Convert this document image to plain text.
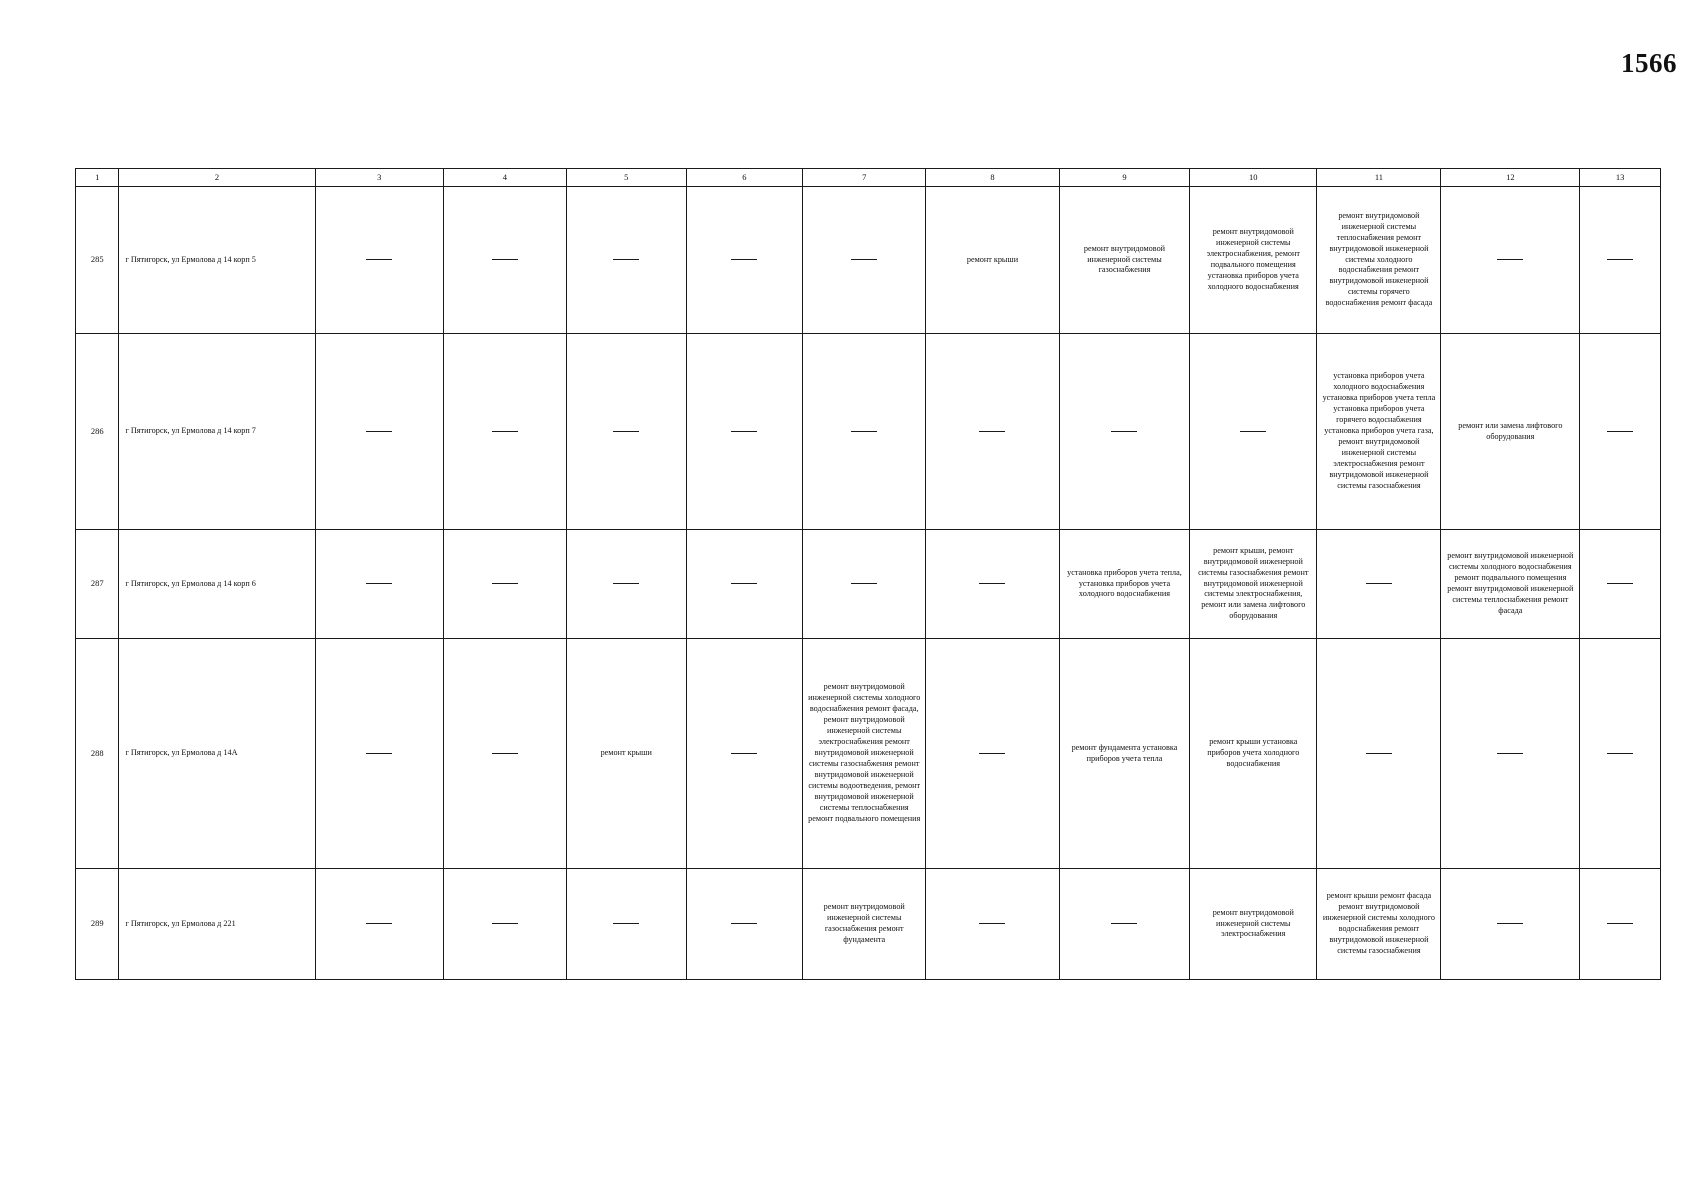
1566
1	2	3	4	5	6	7	8	9	10	11	12	13
285	г Пятигорск, ул Ермолова д 14 корп 5						ремонт крыши	ремонт внутридомовой инженерной системы газоснабжения	ремонт внутридомовой инженерной системы электроснабжения, ремонт подвального помещения установка приборов учета холодного водоснабжения	ремонт внутридомовой инженерной системы теплоснабжения ремонт внутридомовой инженерной системы холодного водоснабжения ремонт внутридомовой инженерной системы горячего водоснабжения ремонт фасада		
286	г Пятигорск, ул Ермолова д 14 корп 7									установка приборов учета холодного водоснабжения установка приборов учета тепла установка приборов учета горячего водоснабжения установка приборов учета газа, ремонт внутридомовой инженерной системы электроснабжения ремонт внутридомовой инженерной системы газоснабжения	ремонт или замена лифтового оборудования	
287	г Пятигорск, ул Ермолова д 14 корп 6							установка приборов учета тепла, установка приборов учета холодного водоснабжения	ремонт крыши, ремонт внутридомовой инженерной системы газоснабжения ремонт внутридомовой инженерной системы электроснабжения, ремонт или замена лифтового оборудования		ремонт внутридомовой инженерной системы холодного водоснабжения ремонт подвального помещения ремонт внутридомовой инженерной системы теплоснабжения ремонт фасада	
288	г Пятигорск, ул Ермолова д 14А			ремонт крыши		ремонт внутридомовой инженерной системы холодного водоснабжения ремонт фасада, ремонт внутридомовой инженерной системы электроснабжения ремонт внутридомовой инженерной системы газоснабжения ремонт внутридомовой инженерной системы водоотведения, ремонт внутридомовой инженерной системы теплоснабжения ремонт подвального помещения		ремонт фундамента установка приборов учета тепла	ремонт крыши установка приборов учета холодного водоснабжения			
289	г Пятигорск, ул Ермолова д 221					ремонт внутридомовой инженерной системы газоснабжения ремонт фундамента			ремонт внутридомовой инженерной системы электроснабжения	ремонт крыши ремонт фасада ремонт внутридомовой инженерной системы холодного водоснабжения ремонт внутридомовой инженерной системы газоснабжения		
